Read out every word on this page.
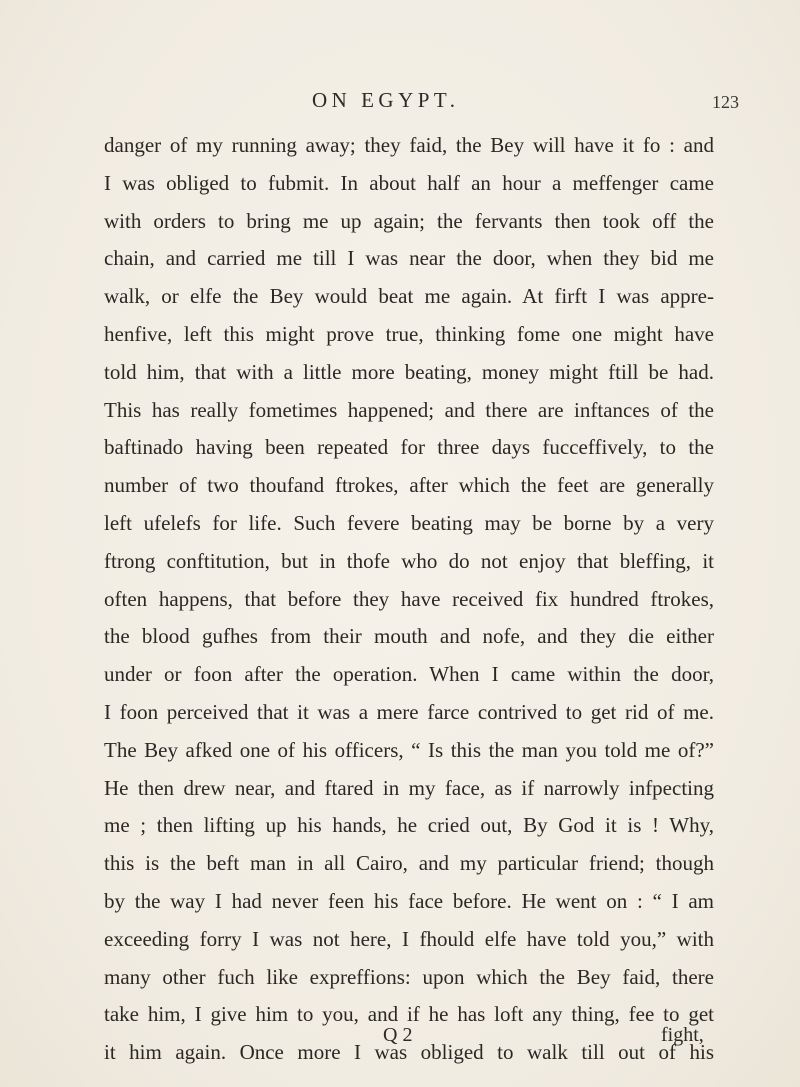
ON EGYPT.	123
danger of my running away; they faid, the Bey will have it fo : and
I was obliged to fubmit. In about half an hour a meffenger came
with orders to bring me up again; the fervants then took off the
chain, and carried me till I was near the door, when they bid me
walk, or elfe the Bey would beat me again. At firft I was appre-
henfive, left this might prove true, thinking fome one might have
told him, that with a little more beating, money might ftill be had.
This has really fometimes happened; and there are inftances of the
baftinado having been repeated for three days fucceffively, to the
number of two thoufand ftrokes, after which the feet are generally
left ufelefs for life. Such fevere beating may be borne by a very
ftrong conftitution, but in thofe who do not enjoy that bleffing, it
often happens, that before they have received fix hundred ftrokes,
the blood gufhes from their mouth and nofe, and they die either
under or foon after the operation. When I came within the door,
I foon perceived that it was a mere farce contrived to get rid of me.
The Bey afked one of his officers, “ Is this the man you told me of?”
He then drew near, and ftared in my face, as if narrowly infpecting
me ; then lifting up his hands, he cried out, By God it is ! Why,
this is the beft man in all Cairo, and my particular friend; though
by the way I had never feen his face before. He went on : “ I am
exceeding forry I was not here, I fhould elfe have told you,” with
many other fuch like expreffions: upon which the Bey faid, there
take him, I give him to you, and if he has loft any thing, fee to get
it him again. Once more I was obliged to walk till out of his
Q 2	fight,
